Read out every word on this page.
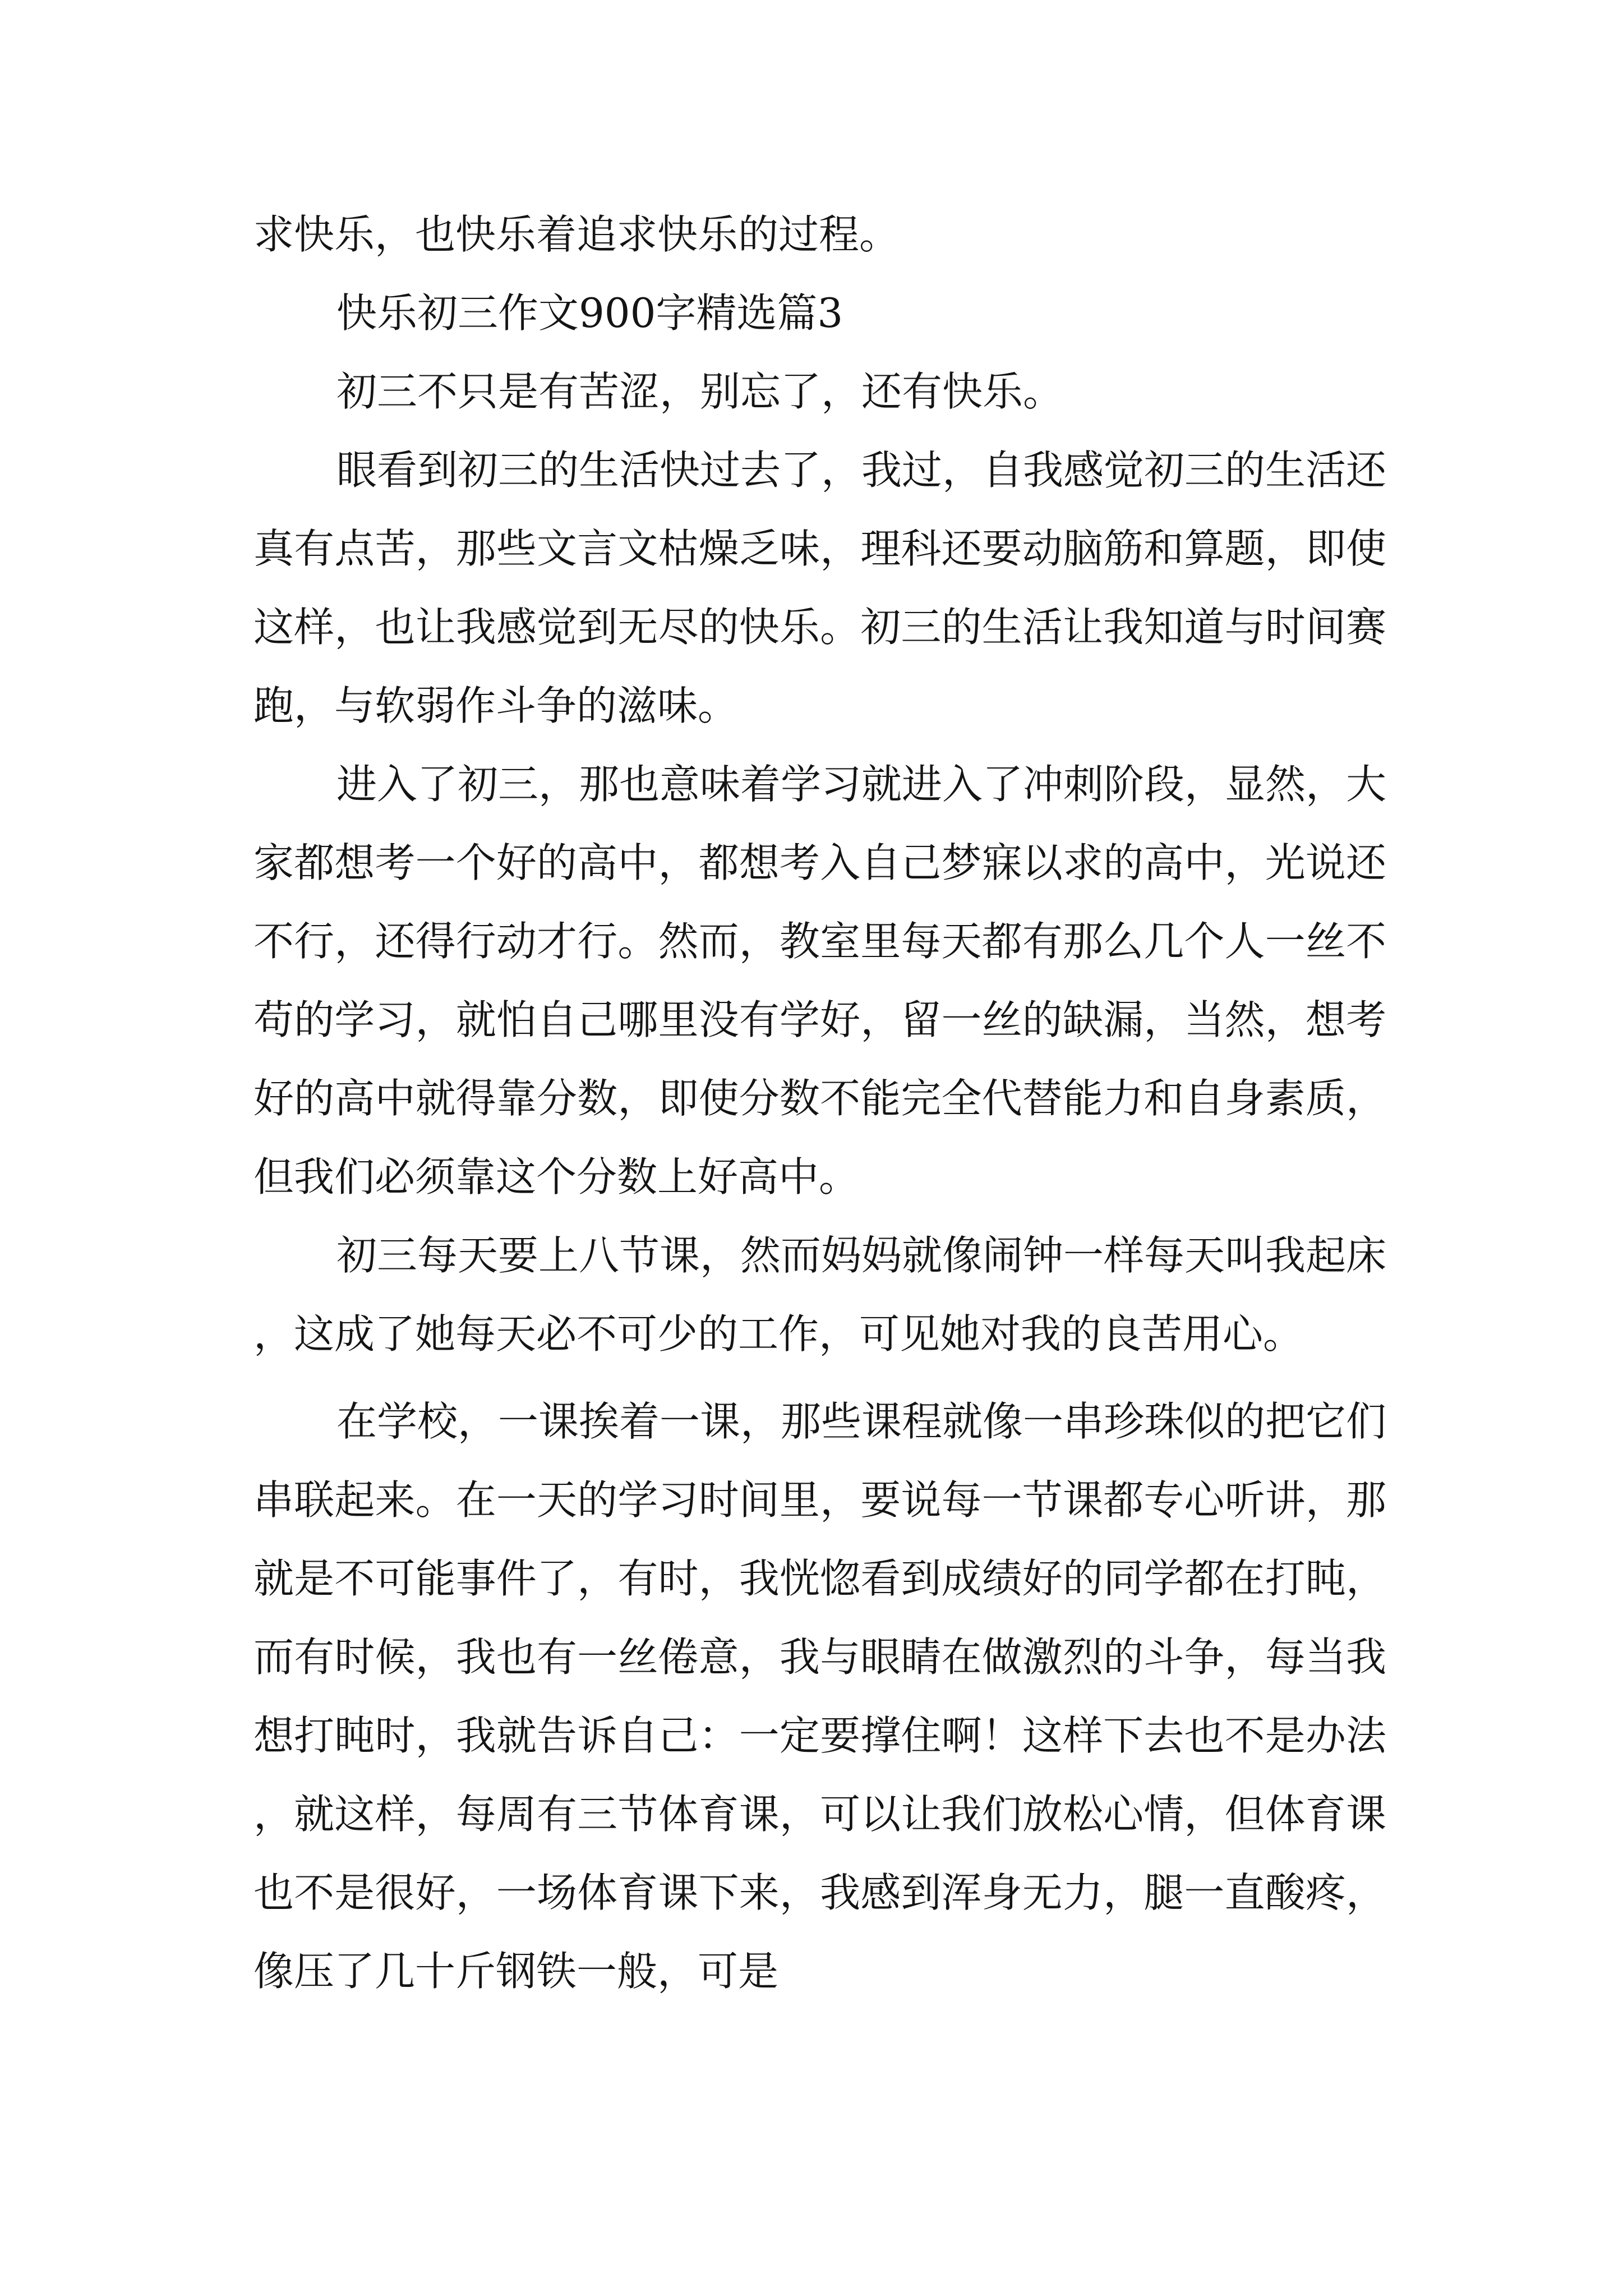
求快乐，也快乐着追求快乐的过程。

快乐初三作文900字精选篇3

初三不只是有苦涩，别忘了，还有快乐。

眼看到初三的生活快过去了，我过，自我感觉初三的生活还真有点苦，那些文言文枯燥乏味，理科还要动脑筋和算题，即使这样，也让我感觉到无尽的快乐。初三的生活让我知道与时间赛跑，与软弱作斗争的滋味。

进入了初三，那也意味着学习就进入了冲刺阶段，显然，大家都想考一个好的高中，都想考入自己梦寐以求的高中，光说还不行，还得行动才行。然而，教室里每天都有那么几个人一丝不苟的学习，就怕自己哪里没有学好，留一丝的缺漏，当然，想考好的高中就得靠分数，即使分数不能完全代替能力和自身素质，但我们必须靠这个分数上好高中。

初三每天要上八节课，然而妈妈就像闹钟一样每天叫我起床，这成了她每天必不可少的工作，可见她对我的良苦用心。

在学校，一课挨着一课，那些课程就像一串珍珠似的把它们串联起来。在一天的学习时间里，要说每一节课都专心听讲，那就是不可能事件了，有时，我恍惚看到成绩好的同学都在打盹，而有时候，我也有一丝倦意，我与眼睛在做激烈的斗争，每当我想打盹时，我就告诉自己：一定要撑住啊！这样下去也不是办法，就这样，每周有三节体育课，可以让我们放松心情，但体育课也不是很好，一场体育课下来，我感到浑身无力，腿一直酸疼，像压了几十斤钢铁一般，可是
